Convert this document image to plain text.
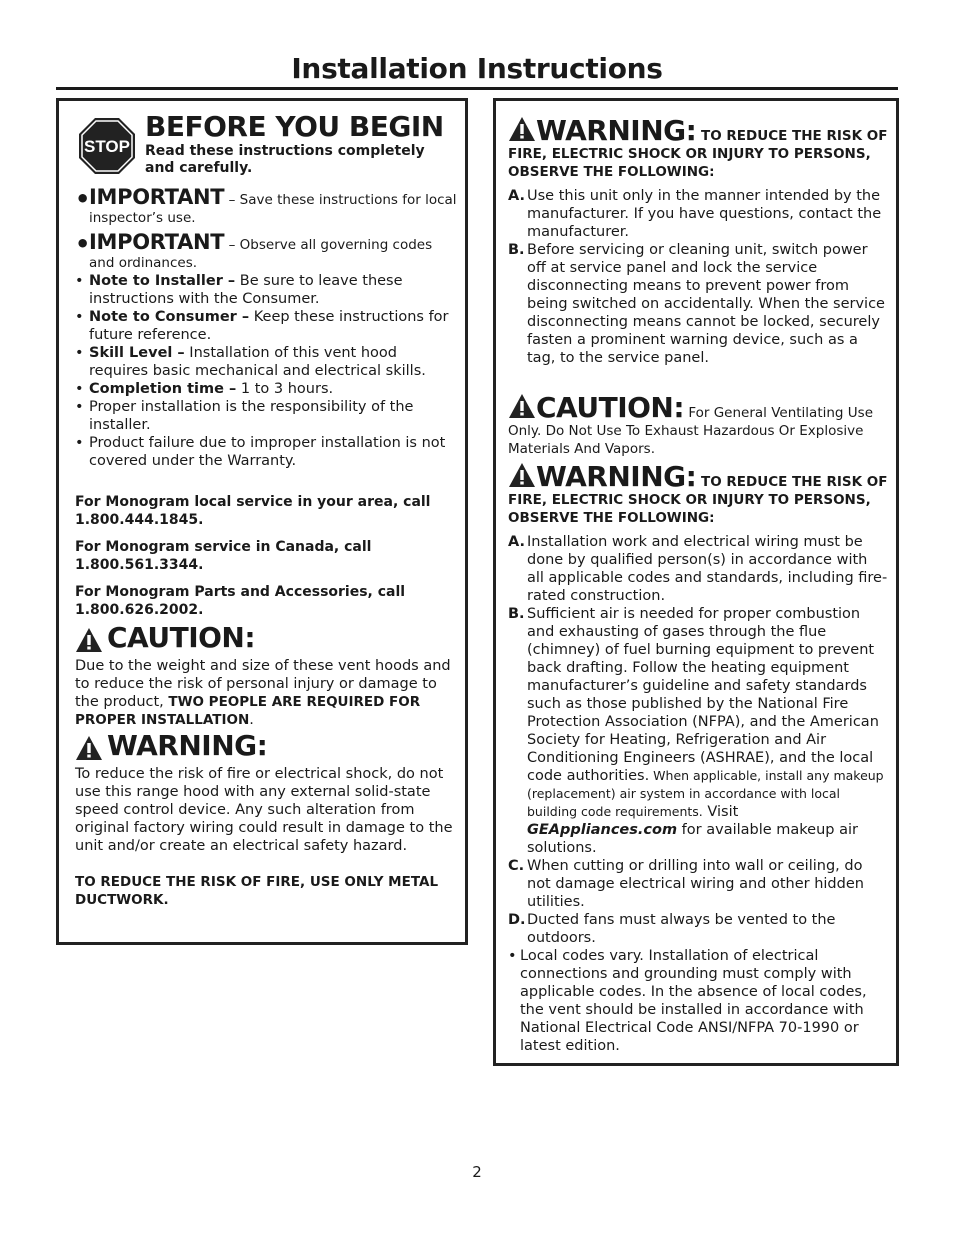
Installation Instructions
STOP
BEFORE YOU BEGIN
Read these instructions completely and carefully.
•
IMPORTANT – Save these instructions for local inspector’s use.
•
IMPORTANT – Observe all governing codes and ordinances.
• Note to Installer – Be sure to leave these instructions with the Consumer.
• Note to Consumer – Keep these instructions for future reference.
• Skill Level – Installation of this vent hood requires basic mechanical and electrical skills.
• Completion time – 1 to 3 hours.
• Proper installation is the responsibility of the installer.
• Product failure due to improper installation is not covered under the Warranty.
For Monogram local service in your area, call 1.800.444.1845.
For Monogram service in Canada, call 1.800.561.3344.
For Monogram Parts and Accessories, call 1.800.626.2002.
CAUTION:
Due to the weight and size of these vent hoods and to reduce the risk of personal injury or damage to the product, TWO PEOPLE ARE REQUIRED FOR PROPER INSTALLATION.
WARNING:
To reduce the risk of fire or electrical shock, do not use this range hood with any external solid-state speed control device. Any such alteration from original factory wiring could result in damage to the unit and/or create an electrical safety hazard.
TO REDUCE THE RISK OF FIRE, USE ONLY METAL DUCTWORK.
WARNING: TO REDUCE THE RISK OF FIRE, ELECTRIC SHOCK OR INJURY TO PERSONS, OBSERVE THE FOLLOWING:
A. Use this unit only in the manner intended by the manufacturer. If you have questions, contact the manufacturer.
B. Before servicing or cleaning unit, switch power off at service panel and lock the service disconnecting means to prevent power from being switched on accidentally. When the service disconnecting means cannot be locked, securely fasten a prominent warning device, such as a tag, to the service panel.
CAUTION: For General Ventilating Use Only. Do Not Use To Exhaust Hazardous Or Explosive Materials And Vapors.
WARNING: TO REDUCE THE RISK OF FIRE, ELECTRIC SHOCK OR INJURY TO PERSONS, OBSERVE THE FOLLOWING:
A. Installation work and electrical wiring must be done by qualified person(s) in accordance with all applicable codes and standards, including fire-rated construction.
B. Sufficient air is needed for proper combustion and exhausting of gases through the flue (chimney) of fuel burning equipment to prevent back drafting. Follow the heating equipment manufacturer’s guideline and safety standards such as those published by the National Fire Protection Association (NFPA), and the American Society for Heating, Refrigeration and Air Conditioning Engineers (ASHRAE), and the local code authorities. When applicable, install any makeup (replacement) air system in accordance with local building code requirements. Visit GEAppliances.com for available makeup air solutions.
C. When cutting or drilling into wall or ceiling, do not damage electrical wiring and other hidden utilities.
D. Ducted fans must always be vented to the outdoors.
• Local codes vary. Installation of electrical connections and grounding must comply with applicable codes. In the absence of local codes, the vent should be installed in accordance with National Electrical Code ANSI/NFPA 70-1990 or latest edition.
2
